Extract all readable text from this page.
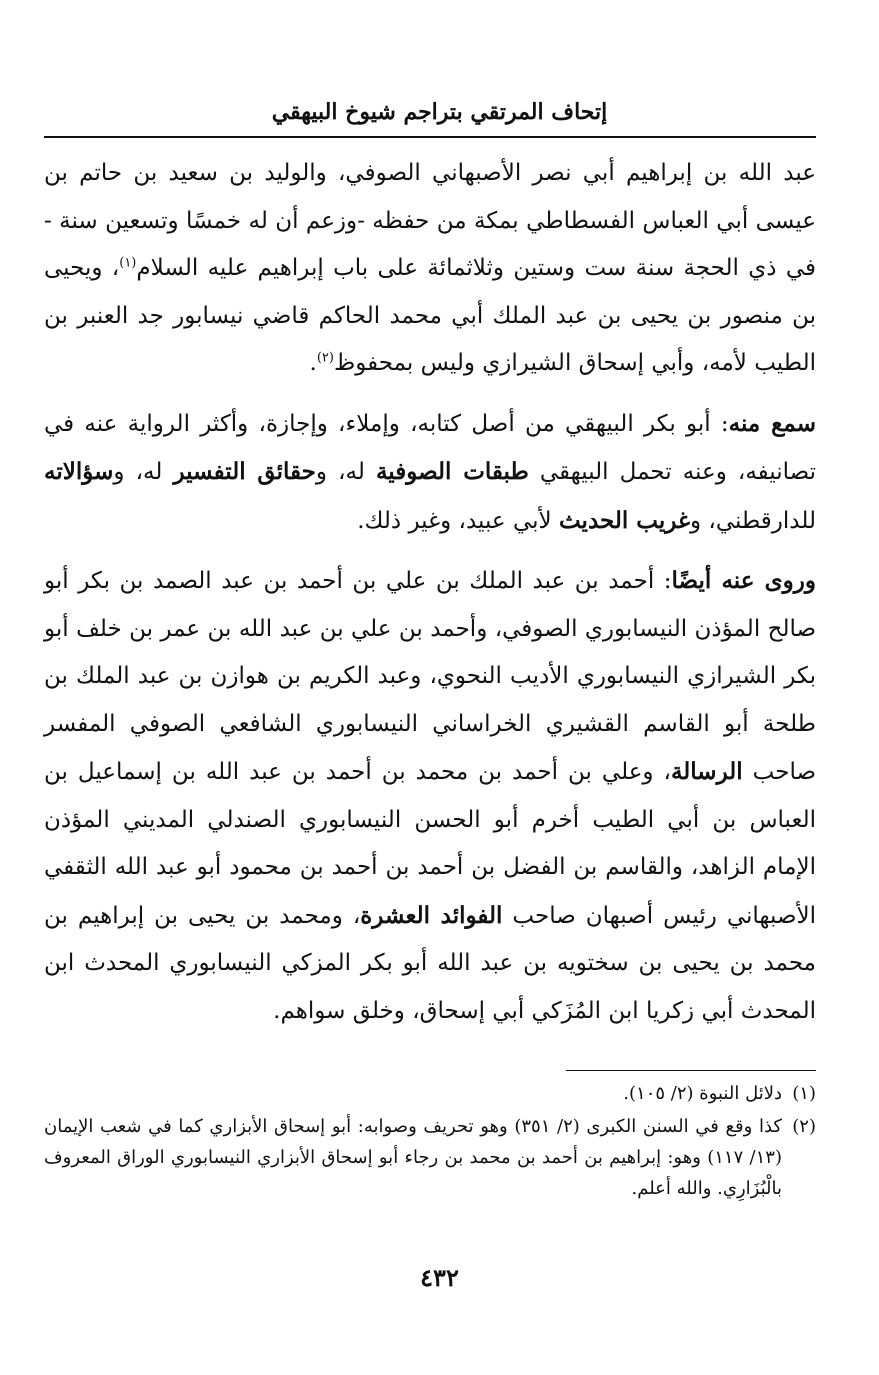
إتحاف المرتقي بتراجم شيوخ البيهقي

عبد الله بن إبراهيم أبي نصر الأصبهاني الصوفي، والوليد بن سعيد بن حاتم بن عيسى أبي العباس الفسطاطي بمكة من حفظه -وزعم أن له خمسًا وتسعين سنة - في ذي الحجة سنة ست وستين وثلاثمائة على باب إبراهيم عليه السلام$^{(١)}$، ويحيى بن منصور بن يحيى بن عبد الملك أبي محمد الحاكم قاضي نيسابور جد العنبر بن الطيب لأمه، وأبي إسحاق الشيرازي وليس بمحفوظ$^{(٢)}$.

سمع منه: أبو بكر البيهقي من أصل كتابه، وإملاء، وإجازة، وأكثر الرواية عنه في تصانيفه، وعنه تحمل البيهقي طبقات الصوفية له، وحقائق التفسير له، وسؤالاته للدارقطني، وغريب الحديث لأبي عبيد، وغير ذلك.

وروى عنه أيضًا: أحمد بن عبد الملك بن علي بن أحمد بن عبد الصمد بن بكر أبو صالح المؤذن النيسابوري الصوفي، وأحمد بن علي بن عبد الله بن عمر بن خلف أبو بكر الشيرازي النيسابوري الأديب النحوي، وعبد الكريم بن هوازن بن عبد الملك بن طلحة أبو القاسم القشيري الخراساني النيسابوري الشافعي الصوفي المفسر صاحب الرسالة، وعلي بن أحمد بن محمد بن أحمد بن عبد الله بن إسماعيل بن العباس بن أبي الطيب أخرم أبو الحسن النيسابوري الصندلي المديني المؤذن الإمام الزاهد، والقاسم بن الفضل بن أحمد بن أحمد بن محمود أبو عبد الله الثقفي الأصبهاني رئيس أصبهان صاحب الفوائد العشرة، ومحمد بن يحيى بن إبراهيم بن محمد بن يحيى بن سختويه بن عبد الله أبو بكر المزكي النيسابوري المحدث ابن المحدث أبي زكريا ابن المُزَكي أبي إسحاق، وخلق سواهم.

(١)
دلائل النبوة (٢/ ١٠٥).
(٢)
كذا وقع في السنن الكبرى (٢/ ٣٥١) وهو تحريف وصوابه: أبو إسحاق الأبزاري كما في شعب الإيمان (١٣/ ١١٧) وهو: إبراهيم بن أحمد بن محمد بن رجاء أبو إسحاق الأبزاري النيسابوري الوراق المعروف بالْبُزَارِي. والله أعلم.
٤٣٢
